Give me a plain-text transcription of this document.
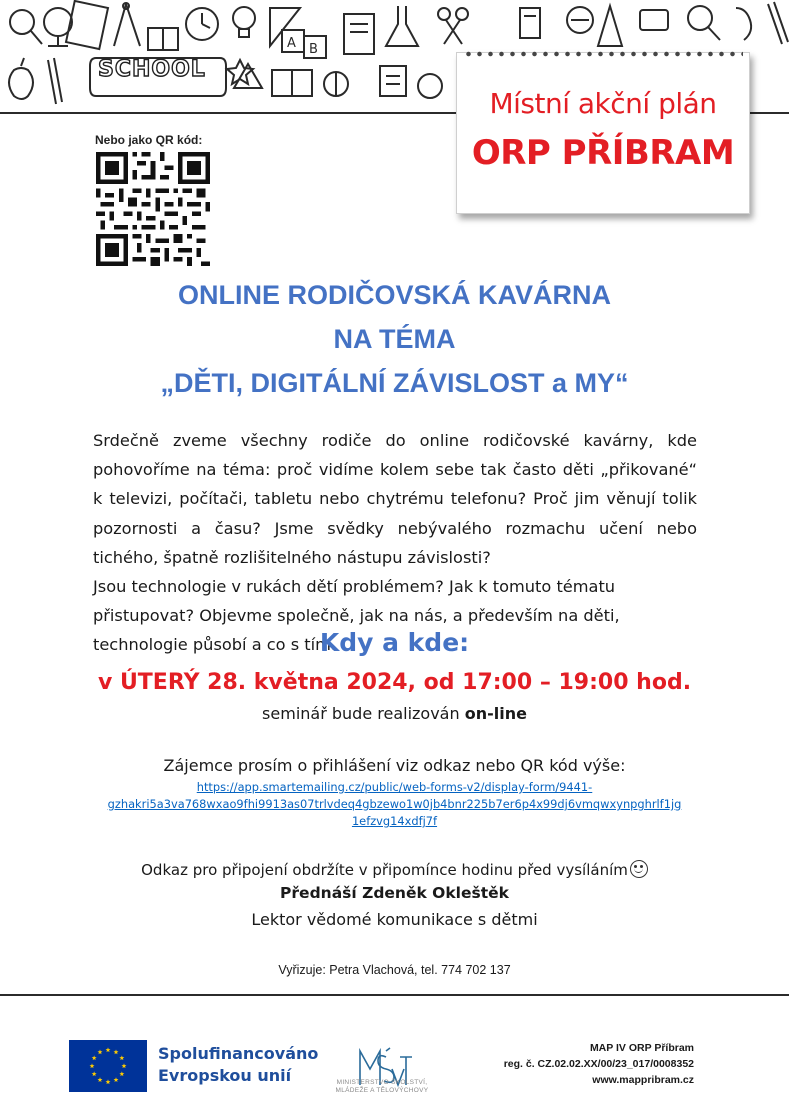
A B
SCHOOL
Místní akční plán
ORP PŘÍBRAM
Nebo jako QR kód:
ONLINE RODIČOVSKÁ KAVÁRNA
NA TÉMA
„DĚTI, DIGITÁLNÍ ZÁVISLOST a MY“
Srdečně zveme všechny rodiče do online rodičovské kavárny, kde pohovoříme na téma: proč vidíme kolem sebe tak často děti „přikované“ k televizi, počítači, tabletu nebo chytrému telefonu? Proč jim věnují tolik pozornosti a času? Jsme svědky nebývalého rozmachu učení nebo tichého, špatně rozlišitelného nástupu závislosti?
Jsou technologie v rukách dětí problémem? Jak k tomuto tématu přistupovat? Objevme společně, jak na nás, a především na děti, technologie působí a co s tím.
Kdy a kde:
v ÚTERÝ 28. května 2024, od 17:00 – 19:00 hod.
seminář bude realizován on-line
Zájemce prosím o přihlášení viz odkaz nebo QR kód výše:
https://app.smartemailing.cz/public/web-forms-v2/display-form/9441-
gzhakri5a3va768wxao9fhi9913as07trlvdeq4gbzewo1w0jb4bnr225b7er6p4x99dj6vmqwxynpghrlf1jg
1efzvg14xdfj7f
Odkaz pro připojení obdržíte v připomínce hodinu před vysíláním
Přednáší Zdeněk Okleštěk
Lektor vědomé komunikace s dětmi
Vyřizuje: Petra Vlachová, tel. 774 702 137
Spolufinancováno
Evropskou unií	MINISTERSTVO ŠKOLSTVÍ,
MLÁDEŽE A TĚLOVÝCHOVY
MAP IV ORP Příbram
reg. č. CZ.02.02.XX/00/23_017/0008352
www.mappribram.cz
